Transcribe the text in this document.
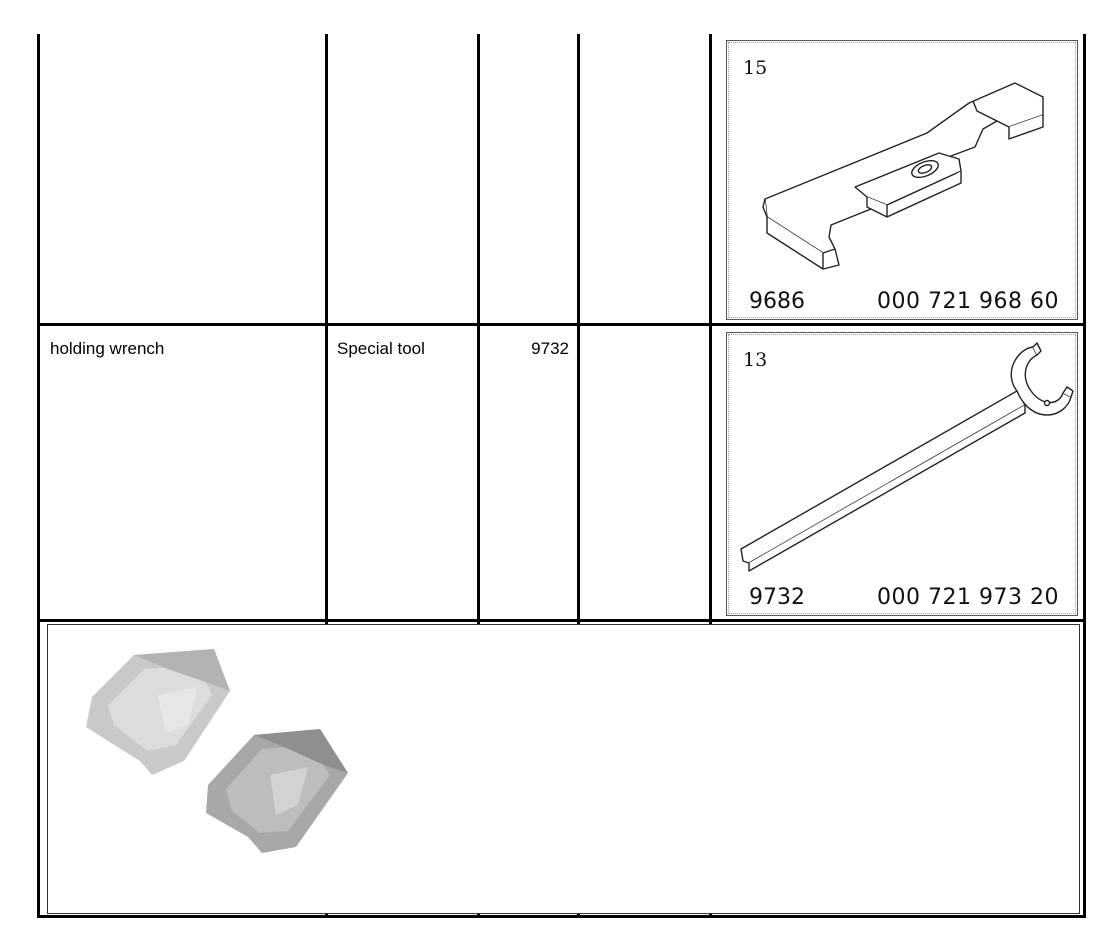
15
9686	000 721 968 60
holding wrench	Special tool	9732
13
9732	000 721 973 20
